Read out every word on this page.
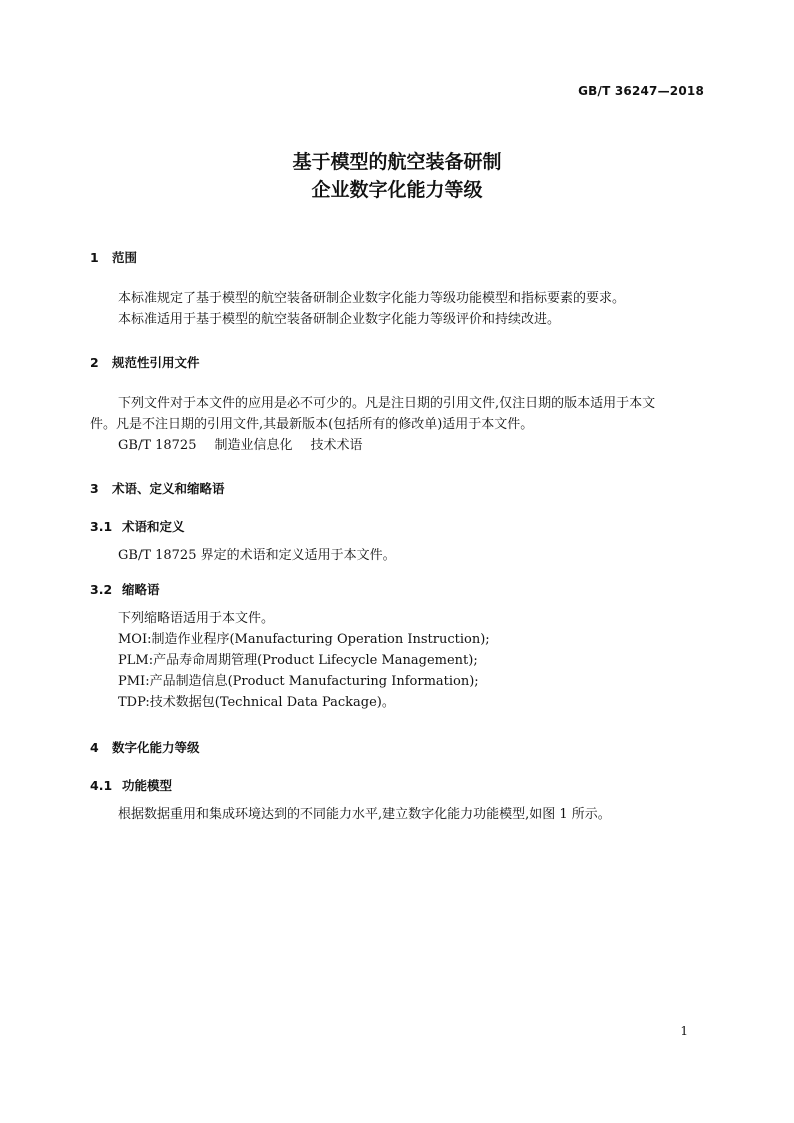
GB/T 36247—2018
基于模型的航空装备研制
企业数字化能力等级
1 范围
本标准规定了基于模型的航空装备研制企业数字化能力等级功能模型和指标要素的要求。
本标准适用于基于模型的航空装备研制企业数字化能力等级评价和持续改进。
2 规范性引用文件
下列文件对于本文件的应用是必不可少的。凡是注日期的引用文件,仅注日期的版本适用于本文
件。凡是不注日期的引用文件,其最新版本(包括所有的修改单)适用于本文件。
GB/T 18725 制造业信息化 技术术语
3 术语、定义和缩略语
3.1 术语和定义
GB/T 18725 界定的术语和定义适用于本文件。
3.2 缩略语
下列缩略语适用于本文件。
MOI:制造作业程序(Manufacturing Operation Instruction);
PLM:产品寿命周期管理(Product Lifecycle Management);
PMI:产品制造信息(Product Manufacturing Information);
TDP:技术数据包(Technical Data Package)。
4 数字化能力等级
4.1 功能模型
根据数据重用和集成环境达到的不同能力水平,建立数字化能力功能模型,如图 1 所示。
1
